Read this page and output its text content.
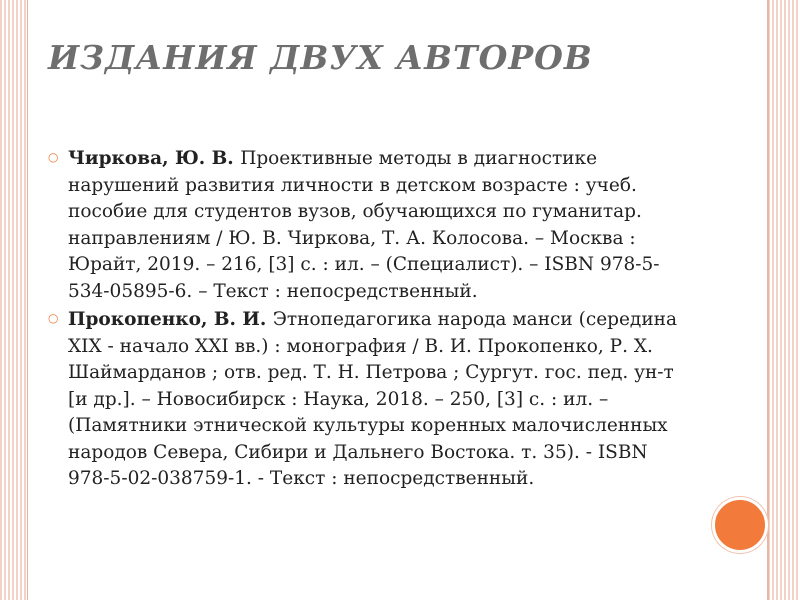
ИЗДАНИЯ ДВУХ АВТОРОВ
○ Чиркова, Ю. В. Проективные методы в диагностике нарушений развития личности в детском возрасте : учеб. пособие для студентов вузов, обучающихся по гуманитар. направлениям / Ю. В. Чиркова, Т. А. Колосова. – Москва : Юрайт, 2019. – 216, [3] с. : ил. – (Специалист). – ISBN 978-5-534-05895-6. – Текст : непосредственный.
○ Прокопенко, В. И. Этнопедагогика народа манси (середина XIX - начало XXI вв.) : монография / В. И. Прокопенко, Р. Х. Шаймарданов ; отв. ред. Т. Н. Петрова ; Сургут. гос. пед. ун-т [и др.]. – Новосибирск : Наука, 2018. – 250, [3] с. : ил. – (Памятники этнической культуры коренных малочисленных народов Севера, Сибири и Дальнего Востока. т. 35). - ISBN 978-5-02-038759-1. - Текст : непосредственный.
